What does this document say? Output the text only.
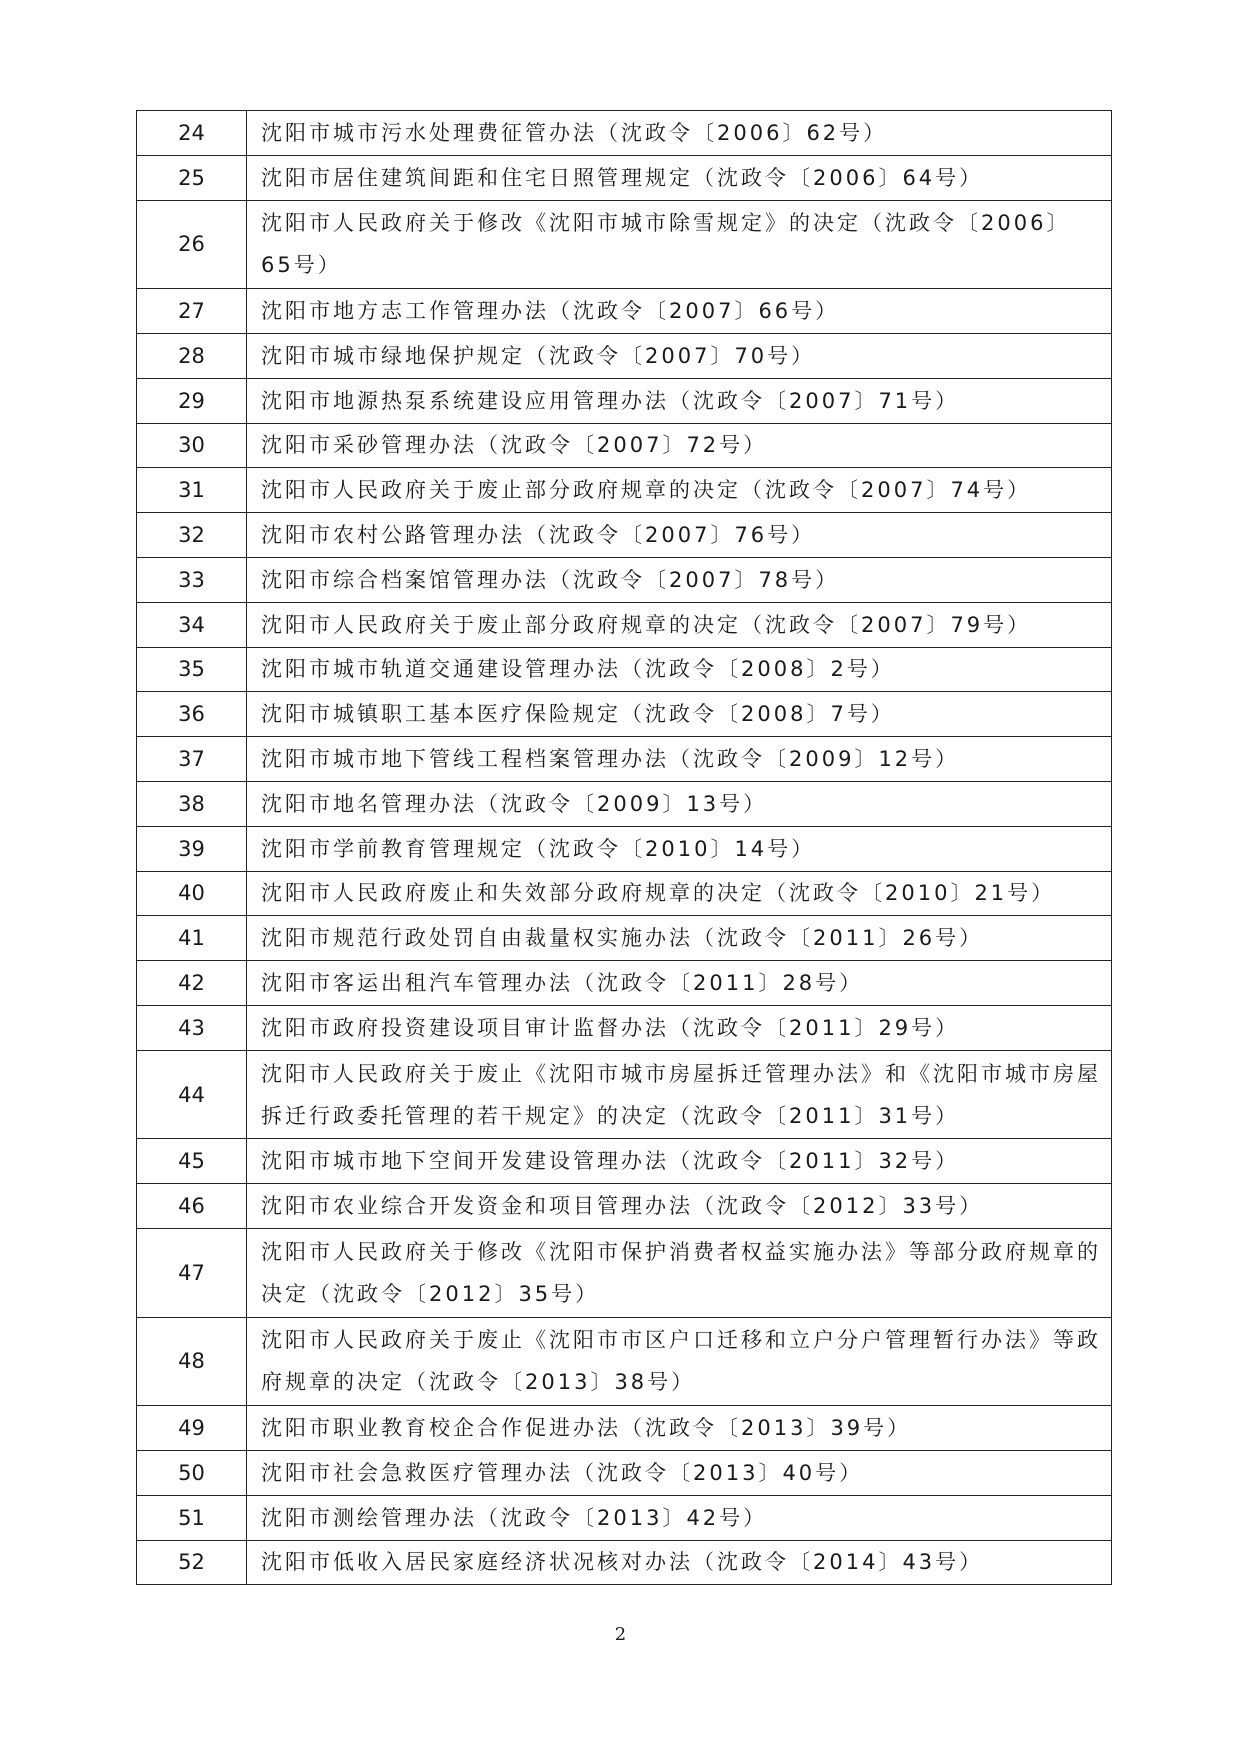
24	沈阳市城市污水处理费征管办法（沈政令〔2006〕62号）
25	沈阳市居住建筑间距和住宅日照管理规定（沈政令〔2006〕64号）
26	沈阳市人民政府关于修改《沈阳市城市除雪规定》的决定（沈政令〔2006〕65号）
27	沈阳市地方志工作管理办法（沈政令〔2007〕66号）
28	沈阳市城市绿地保护规定（沈政令〔2007〕70号）
29	沈阳市地源热泵系统建设应用管理办法（沈政令〔2007〕71号）
30	沈阳市采砂管理办法（沈政令〔2007〕72号）
31	沈阳市人民政府关于废止部分政府规章的决定（沈政令〔2007〕74号）
32	沈阳市农村公路管理办法（沈政令〔2007〕76号）
33	沈阳市综合档案馆管理办法（沈政令〔2007〕78号）
34	沈阳市人民政府关于废止部分政府规章的决定（沈政令〔2007〕79号）
35	沈阳市城市轨道交通建设管理办法（沈政令〔2008〕2号）
36	沈阳市城镇职工基本医疗保险规定（沈政令〔2008〕7号）
37	沈阳市城市地下管线工程档案管理办法（沈政令〔2009〕12号）
38	沈阳市地名管理办法（沈政令〔2009〕13号）
39	沈阳市学前教育管理规定（沈政令〔2010〕14号）
40	沈阳市人民政府废止和失效部分政府规章的决定（沈政令〔2010〕21号）
41	沈阳市规范行政处罚自由裁量权实施办法（沈政令〔2011〕26号）
42	沈阳市客运出租汽车管理办法（沈政令〔2011〕28号）
43	沈阳市政府投资建设项目审计监督办法（沈政令〔2011〕29号）
44	沈阳市人民政府关于废止《沈阳市城市房屋拆迁管理办法》和《沈阳市城市房屋拆迁行政委托管理的若干规定》的决定（沈政令〔2011〕31号）
45	沈阳市城市地下空间开发建设管理办法（沈政令〔2011〕32号）
46	沈阳市农业综合开发资金和项目管理办法（沈政令〔2012〕33号）
47	沈阳市人民政府关于修改《沈阳市保护消费者权益实施办法》等部分政府规章的决定（沈政令〔2012〕35号）
48	沈阳市人民政府关于废止《沈阳市市区户口迁移和立户分户管理暂行办法》等政府规章的决定（沈政令〔2013〕38号）
49	沈阳市职业教育校企合作促进办法（沈政令〔2013〕39号）
50	沈阳市社会急救医疗管理办法（沈政令〔2013〕40号）
51	沈阳市测绘管理办法（沈政令〔2013〕42号）
52	沈阳市低收入居民家庭经济状况核对办法（沈政令〔2014〕43号）
2
